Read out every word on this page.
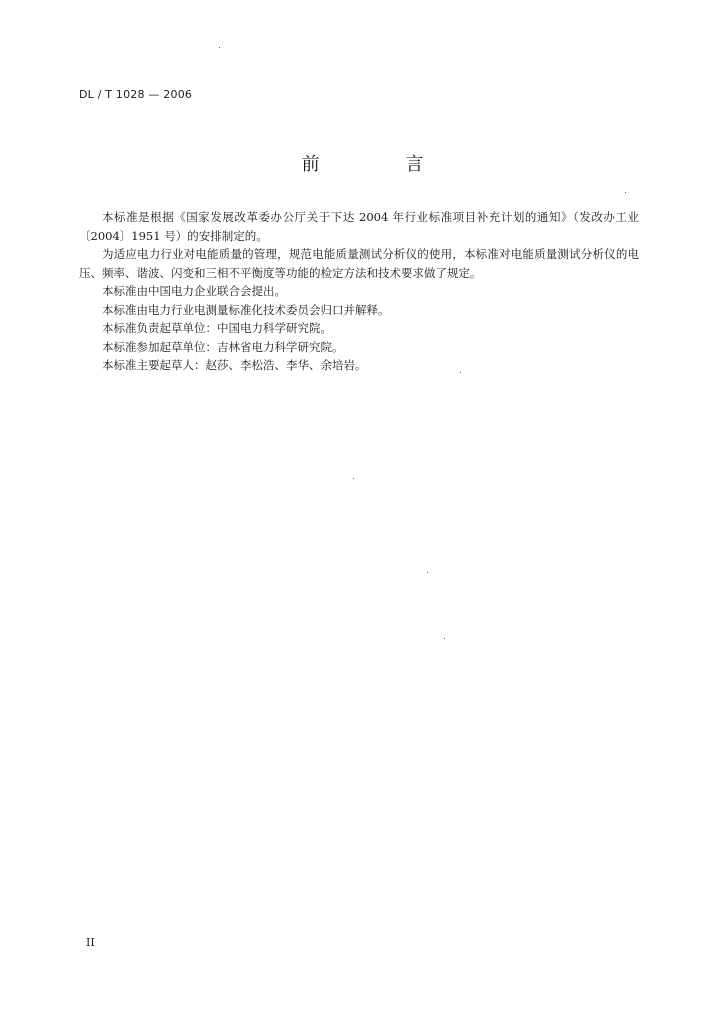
DL / T 1028 — 2006
前 言

本标准是根据《国家发展改革委办公厅关于下达 2004 年行业标准项目补充计划的通知》（发改办工业〔2004〕1951 号）的安排制定的。

为适应电力行业对电能质量的管理，规范电能质量测试分析仪的使用，本标准对电能质量测试分析仪的电压、频率、谐波、闪变和三相不平衡度等功能的检定方法和技术要求做了规定。

本标准由中国电力企业联合会提出。

本标准由电力行业电测量标准化技术委员会归口并解释。

本标准负责起草单位：中国电力科学研究院。

本标准参加起草单位：吉林省电力科学研究院。

本标准主要起草人：赵莎、李松浩、李华、余培岩。

II
